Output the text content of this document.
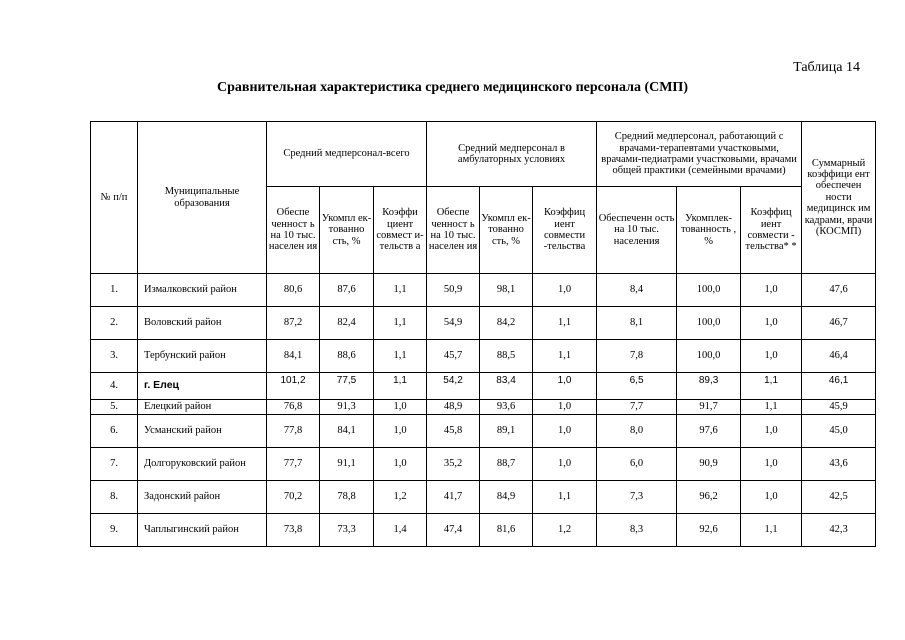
Таблица 14
Сравнительная характеристика среднего медицинского персонала (СМП)
№ п/п	Муниципальные образования	Средний медперсонал-всего			Средний медперсонал в амбулаторных условиях			Средний медперсонал, работающий с врачами-терапевтами участковыми, врачами-педиатрами участковыми, врачами общей практики (семейными врачами)			Суммарный коэффици ент обеспечен ности медицинск им кадрами, врачи (КОСМП)
		Обеспе ченност ь на 10 тыс. населен ия	Укомпл ек- тованно сть, %	Коэффи циент совмест и- тельств а	Обеспе ченност ь на 10 тыс. населен ия	Укомпл ек- тованно сть, %	Коэффиц иент совмести -тельства	Обеспеченн ость на 10 тыс. населения	Укомплек- тованность , %	Коэффиц иент совмести - тельства* *	
1.	Измалковский район	80,6	87,6	1,1	50,9	98,1	1,0	8,4	100,0	1,0	47,6
2.	Воловский район	87,2	82,4	1,1	54,9	84,2	1,1	8,1	100,0	1,0	46,7
3.	Тербунский район	84,1	88,6	1,1	45,7	88,5	1,1	7,8	100,0	1,0	46,4
4.	г. Елец	101,2	77,5	1,1	54,2	83,4	1,0	6,5	89,3	1,1	46,1
5.	Елецкий район	76,8	91,3	1,0	48,9	93,6	1,0	7,7	91,7	1,1	45,9
6.	Усманский район	77,8	84,1	1,0	45,8	89,1	1,0	8,0	97,6	1,0	45,0
7.	Долгоруковский район	77,7	91,1	1,0	35,2	88,7	1,0	6,0	90,9	1,0	43,6
8.	Задонский район	70,2	78,8	1,2	41,7	84,9	1,1	7,3	96,2	1,0	42,5
9.	Чаплыгинский район	73,8	73,3	1,4	47,4	81,6	1,2	8,3	92,6	1,1	42,3
